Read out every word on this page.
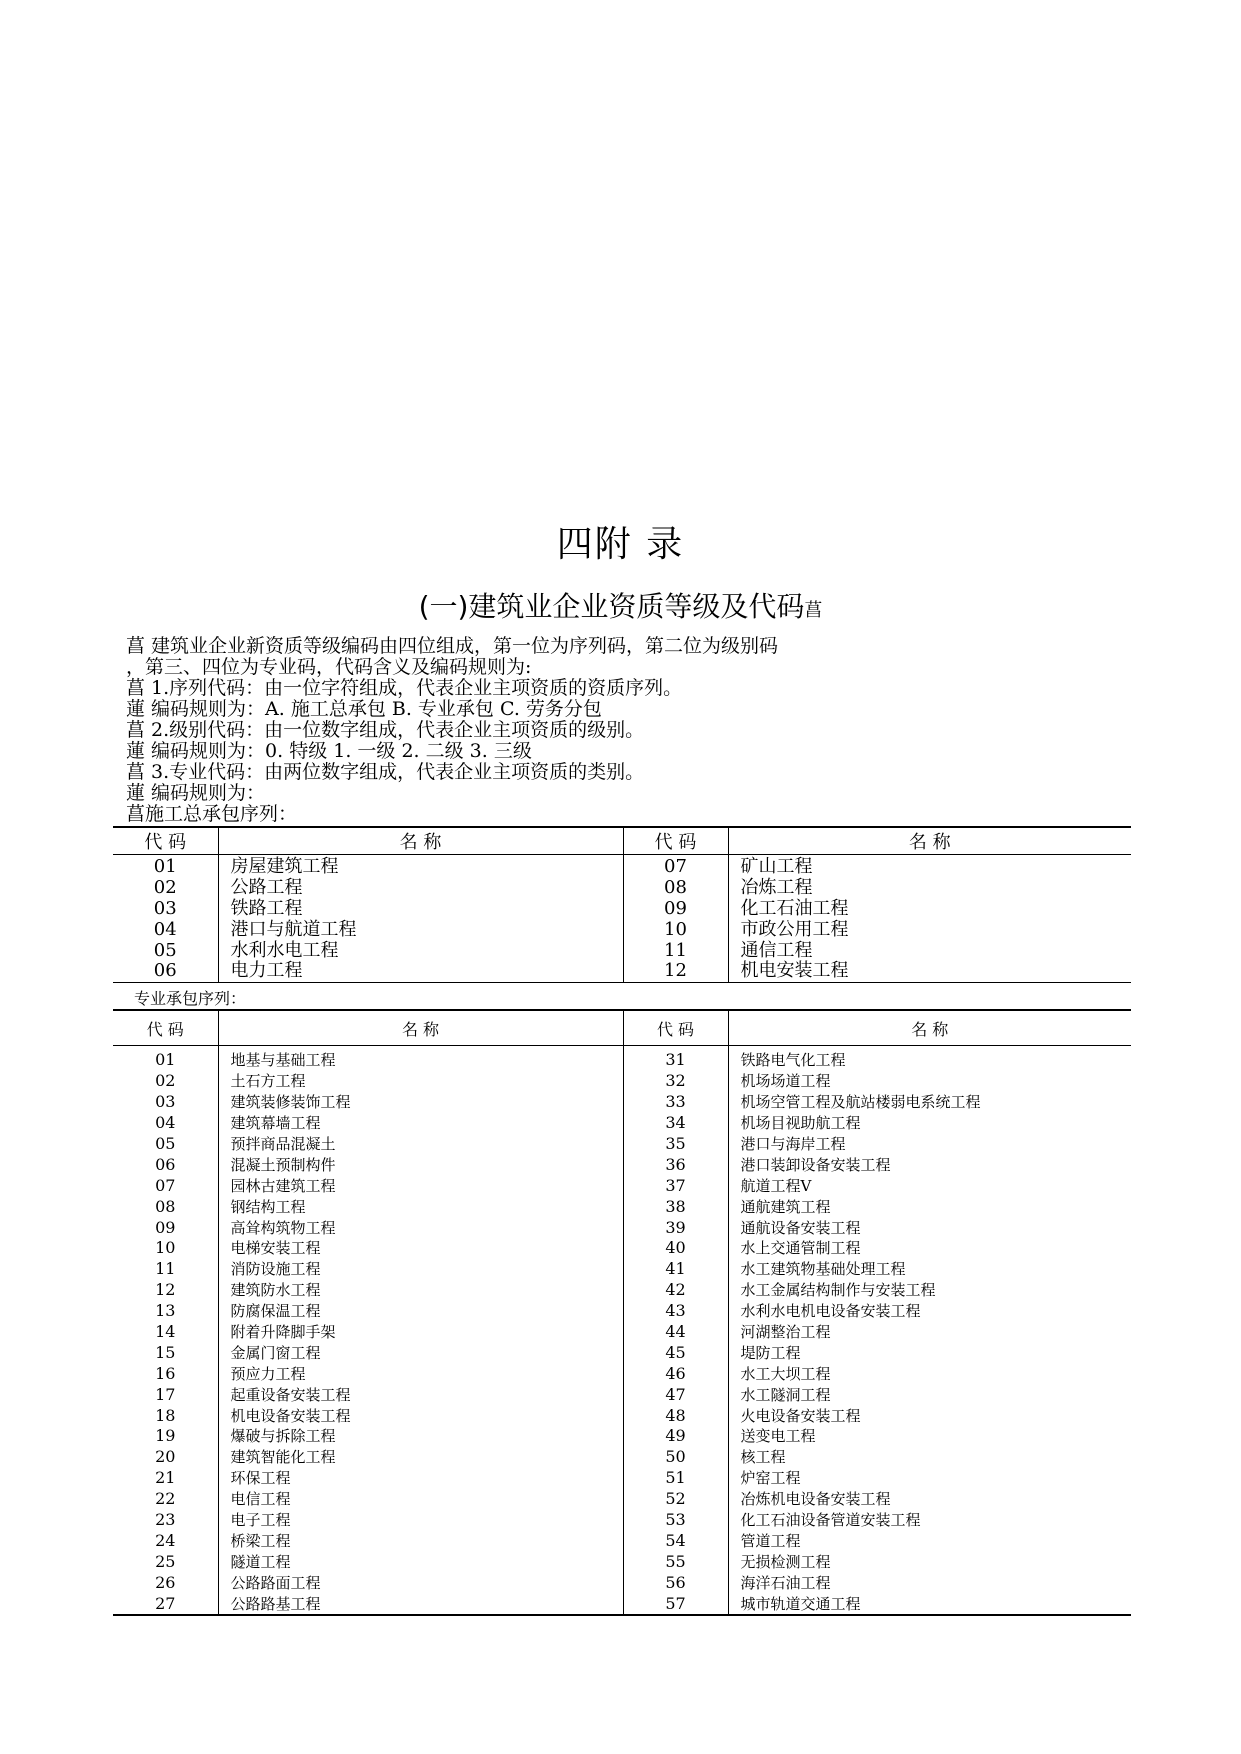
四附 录
(一)建筑业企业资质等级及代码菖
菖 建筑业企业新资质等级编码由四位组成，第一位为序列码，第二位为级别码
，第三、四位为专业码，代码含义及编码规则为:
菖 1.序列代码：由一位字符组成，代表企业主项资质的资质序列。
蓮 编码规则为：A. 施工总承包 B. 专业承包 C. 劳务分包
菖 2.级别代码：由一位数字组成，代表企业主项资质的级别。
蓮 编码规则为：0. 特级 1. 一级 2. 二级 3. 三级
菖 3.专业代码：由两位数字组成，代表企业主项资质的类别。
蓮 编码规则为：
菖施工总承包序列：
代 码	名 称	代 码	名 称

01	房屋建筑工程	07	矿山工程
02	公路工程	08	冶炼工程
03	铁路工程	09	化工石油工程
04	港口与航道工程	10	市政公用工程
05	水利水电工程	11	通信工程
06	电力工程	12	机电安装工程
专业承包序列：
代 码	名 称	代 码	名 称

01	地基与基础工程	31	铁路电气化工程
02	土石方工程	32	机场场道工程
03	建筑装修装饰工程	33	机场空管工程及航站楼弱电系统工程
04	建筑幕墙工程	34	机场目视助航工程
05	预拌商品混凝土	35	港口与海岸工程
06	混凝土预制构件	36	港口装卸设备安装工程
07	园林古建筑工程	37	航道工程V
08	钢结构工程	38	通航建筑工程
09	高耸构筑物工程	39	通航设备安装工程
10	电梯安装工程	40	水上交通管制工程
11	消防设施工程	41	水工建筑物基础处理工程
12	建筑防水工程	42	水工金属结构制作与安装工程
13	防腐保温工程	43	水利水电机电设备安装工程
14	附着升降脚手架	44	河湖整治工程
15	金属门窗工程	45	堤防工程
16	预应力工程	46	水工大坝工程
17	起重设备安装工程	47	水工隧洞工程
18	机电设备安装工程	48	火电设备安装工程
19	爆破与拆除工程	49	送变电工程
20	建筑智能化工程	50	核工程
21	环保工程	51	炉窑工程
22	电信工程	52	冶炼机电设备安装工程
23	电子工程	53	化工石油设备管道安装工程
24	桥梁工程	54	管道工程
25	隧道工程	55	无损检测工程
26	公路路面工程	56	海洋石油工程
27	公路路基工程	57	城市轨道交通工程
